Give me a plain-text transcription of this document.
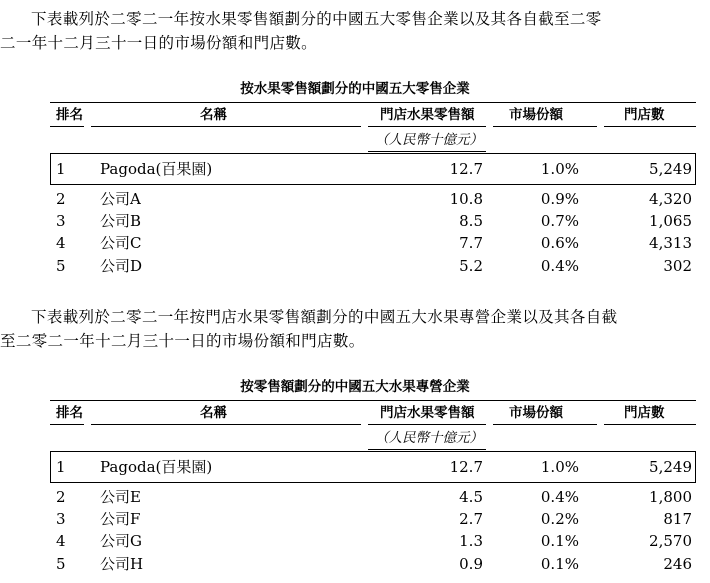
下表載列於二零二一年按水果零售額劃分的中國五大零售企業以及其各自截至二零
二一年十二月三十一日的市場份額和門店數。

按水果零售額劃分的中國五大零售企業
排名	名稱	門店水果零售額	市場份額	門店數
（人民幣十億元）
1 Pagoda(百果園)	12.7	1.0%	5,249
2 公司A	10.8	0.9%	4,320
3 公司B	8.5	0.7%	1,065
4 公司C	7.7	0.6%	4,313
5 公司D	5.2	0.4%	302

下表載列於二零二一年按門店水果零售額劃分的中國五大水果專營企業以及其各自截
至二零二一年十二月三十一日的市場份額和門店數。

按零售額劃分的中國五大水果專營企業
排名	名稱	門店水果零售額	市場份額	門店數
（人民幣十億元）
1 Pagoda(百果園)	12.7	1.0%	5,249
2 公司E	4.5	0.4%	1,800
3 公司F	2.7	0.2%	817
4 公司G	1.3	0.1%	2,570
5 公司H	0.9	0.1%	246
